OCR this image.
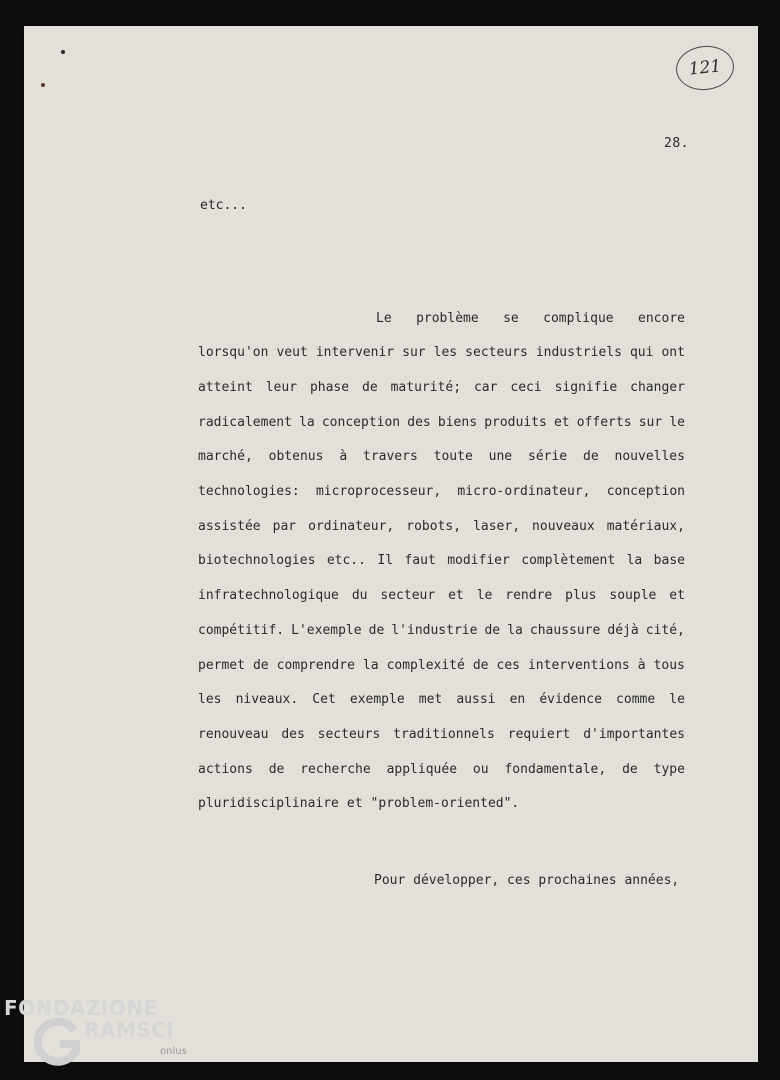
121
28.
etc...
Le problème se complique encore
lorsqu'on veut intervenir sur les secteurs industriels qui ont
atteint leur phase de maturité; car ceci signifie changer
radicalement la conception des biens produits et offerts sur le
marché, obtenus à travers toute une série de nouvelles
technologies: microprocesseur, micro-ordinateur, conception
assistée par ordinateur, robots, laser, nouveaux matériaux,
biotechnologies etc.. Il faut modifier complètement la base
infratechnologique du secteur et le rendre plus souple et
compétitif. L'exemple de l'industrie de la chaussure déjà cité,
permet de comprendre la complexité de ces interventions à tous
les niveaux. Cet exemple met aussi en évidence comme le
renouveau des secteurs traditionnels requiert d'importantes
actions de recherche appliquée ou fondamentale, de type
pluridisciplinaire et "problem-oriented".
Pour développer, ces prochaines années,
FONDAZIONE
RAMSCI
onlus
